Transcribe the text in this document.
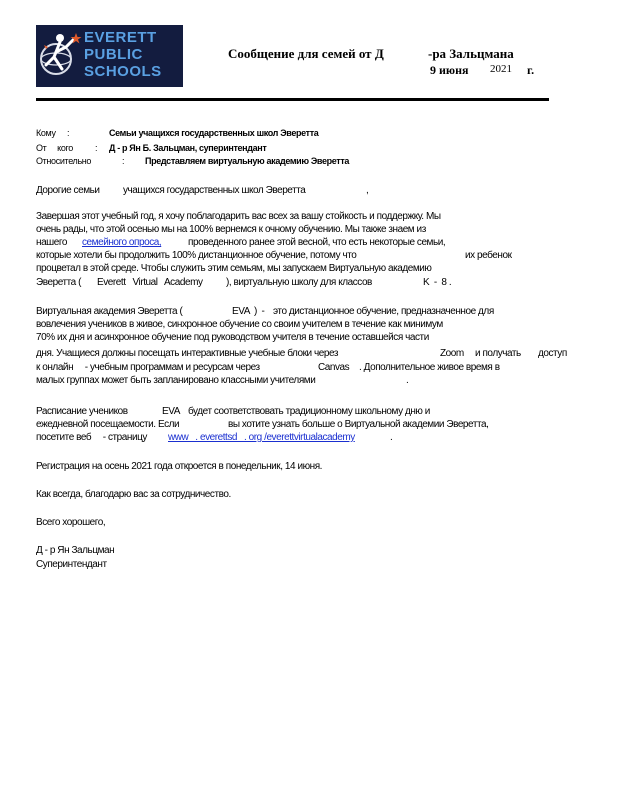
EVERETT
PUBLIC
SCHOOLS
Сообщение для семей от Д	-ра Зальцмана
9 июня 2021 г.
Кому :	Семьи учащихся государственных школ Эверетта
От     кого : Д - р Ян Б. Зальцман, суперинтендант
Относительно	: Представляем виртуальную академию Эверетта
Дорогие семьи учащихся государственных школ Эверетта	,
Завершая этот учебный год, я хочу поблагодарить вас всех за вашу стойкость и поддержку. Мы
очень рады, что этой осенью мы на 100% вернемся к очному обучению. Мы также знаем из
нашего семейного опроса,	проведенного ранее этой весной, что есть некоторые семьи,
которые хотели бы продолжить 100% дистанционное обучение, потому что	их ребенок
процветал в этой среде. Чтобы служить этим семьям, мы запускаем Виртуальную академию
Эверетта ( Everett   Virtual   Academy ), виртуальную школу для классов	K  -  8 .
Виртуальная академия Эверетта (	EVA  )  - это дистанционное обучение, предназначенное для
вовлечения учеников в живое, синхронное обучение со своим учителем в течение как минимум
70% их дня и асинхронное обучение под руководством учителя в течение оставшейся части
дня. Учащиеся должны посещать интерактивные учебные блоки через	Zoom и получать доступ
к онлайн     - учебным программам и ресурсам через	Canvas . Дополнительное живое время в
малых группах может быть запланировано классными учителями	.
Расписание учеников	EVA будет соответствовать традиционному школьному дню и
ежедневной посещаемости. Если	вы хотите узнать больше о Виртуальной академии Эверетта,
посетите веб     - страницу www   . everettsd   . org /everettvirtualacademy	.
Регистрация на осень 2021 года откроется в понедельник, 14 июня.
Как всегда, благодарю вас за сотрудничество.
Всего хорошего,
Д - р Ян Зальцман
Суперинтендант
